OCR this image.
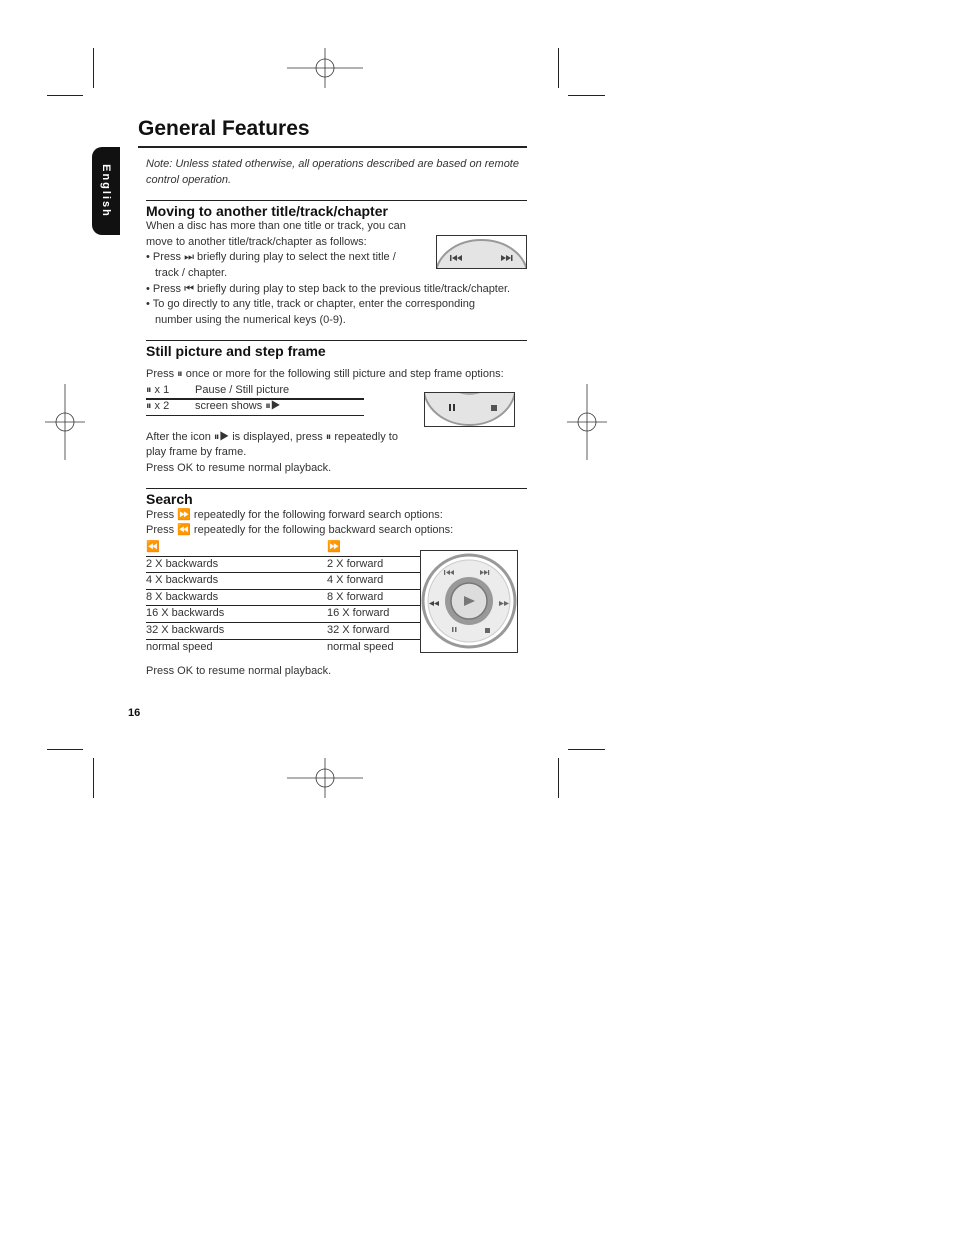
English
General Features
Note: Unless stated otherwise, all operations described are based on remote control operation.
Moving to another title/track/chapter
When a disc has more than one title or track, you can move to another title/track/chapter as follows:
• Press ⏭ briefly during play to select the next title /
track / chapter.
• Press ⏮ briefly during play to step back to the previous title/track/chapter.
• To go directly to any title, track or chapter, enter the corresponding
number using the numerical keys (0-9).
Still picture and step frame
Press ⏸ once or more for the following still picture and step frame options:
⏸ x 1 Pause / Still picture
⏸ x 2 screen shows ⏸▶
After the icon ⏸▶ is displayed, press ⏸ repeatedly to
play frame by frame.
Press OK to resume normal playback.
Search
Press ⏩ repeatedly for the following forward search options:
Press ⏪ repeatedly for the following backward search options:
⏪	⏩
2 X backwards	2 X forward
4 X backwards	4 X forward
8 X backwards	8 X forward
16 X backwards	16 X forward
32 X backwards	32 X forward
normal speed	normal speed
Press OK to resume normal playback.
16
